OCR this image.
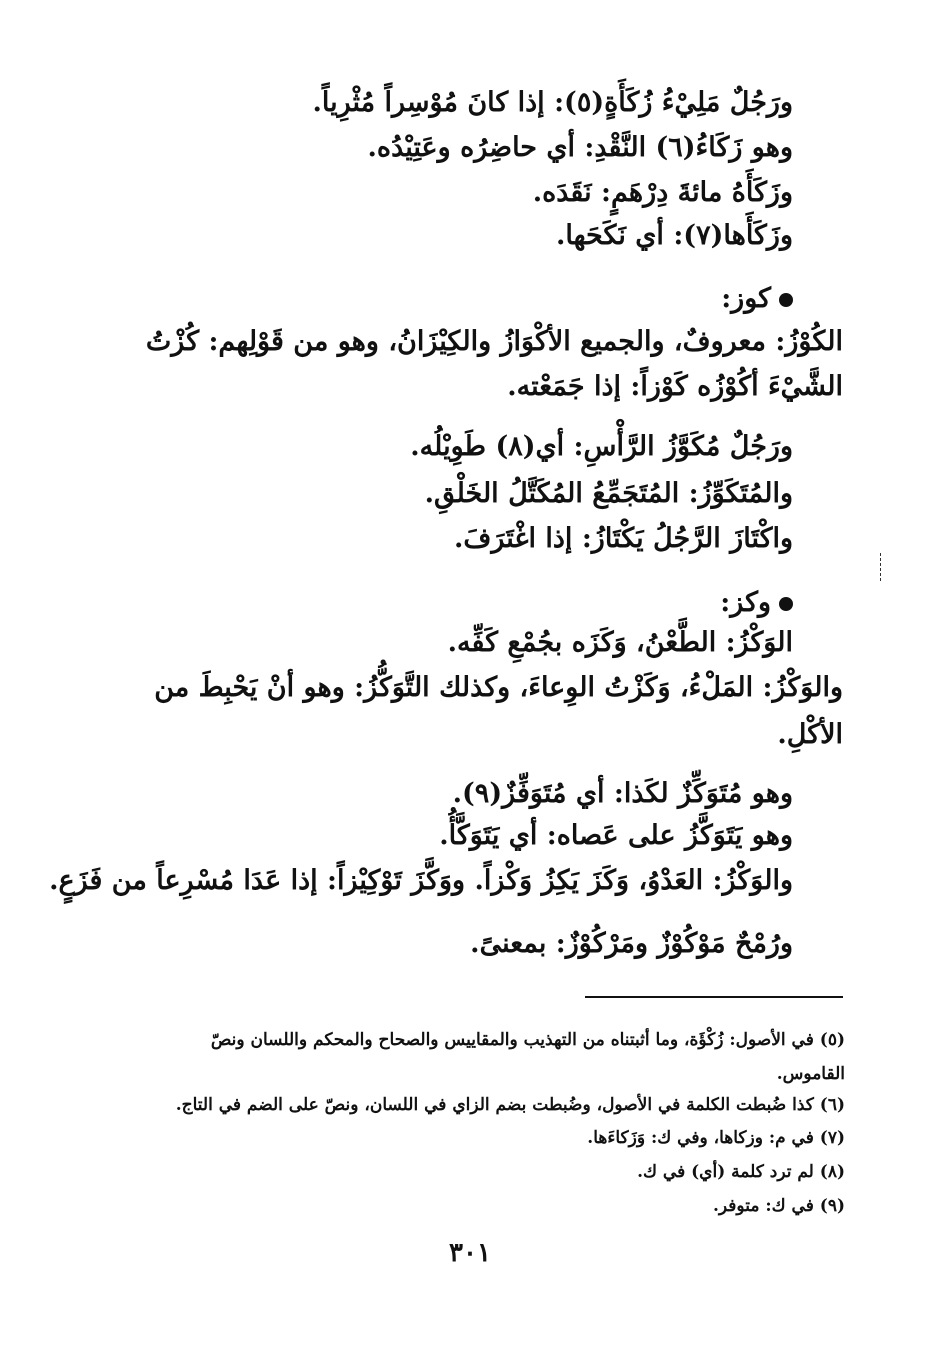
ورَجُلٌ مَلِيْءُ زُكَأَةٍ(٥): إذا كانَ مُوْسِراً مُثْرِياً.
وهو زَكَاءُ(٦) النَّقْدِ: أي حاضِرُه وعَتِيْدُه.
وزَكَأَهُ مائةَ دِرْهَمٍ: نَقَدَه.
وزَكَأَها(٧): أي نَكَحَها.
كوز:
الكُوْزُ: معروفٌ، والجميع الأكْوَازُ والكِيْزَانُ، وهو من قَوْلِهم: كُزْتُ
الشَّيْءَ أكُوْزُه كَوْزاً: إذا جَمَعْته.
ورَجُلٌ مُكَوَّزُ الرَّأْسِ: أي(٨) طَوِيْلُه.
والمُتَكَوِّزُ: المُتَجَمِّعُ المُكَتَّلُ الخَلْقِ.
واكْتَازَ الرَّجُلُ يَكْتَازُ: إذا اغْتَرَفَ.
وكز:
الوَكْزُ: الطَّعْنُ، وَكَزَه بجُمْعِ كَفِّه.
والوَكْزُ: المَلْءُ، وَكَزْتُ الوِعاءَ، وكذلك التَّوَكُّزُ: وهو أنْ يَحْبِطَ من
الأكْلِ.
وهو مُتَوَكِّزٌ لكَذا: أي مُتَوَفِّزٌ(٩).
وهو يَتَوَكَّزُ على عَصاه: أي يَتَوَكَّأُ.
والوَكْزُ: العَدْوُ، وَكَزَ يَكِزُ وَكْزاً. ووَكَّزَ تَوْكِيْزاً: إذا عَدَا مُسْرِعاً من فَزَعٍ.
ورُمْحٌ مَوْكُوْزٌ ومَرْكُوْزٌ: بمعنىً.
(٥) في الأصول: زُكْؤَة، وما أثبتناه من التهذيب والمقاييس والصحاح والمحكم واللسان ونصّ
القاموس.
(٦) كذا ضُبطت الكلمة في الأصول، وضُبطت بضم الزاي في اللسان، ونصّ على الضم في التاج.
(٧) في م: وزكاها، وفي ك: وَزَكاءَها.
(٨) لم ترد كلمة (أي) في ك.
(٩) في ك: متوفر.
٣٠١
